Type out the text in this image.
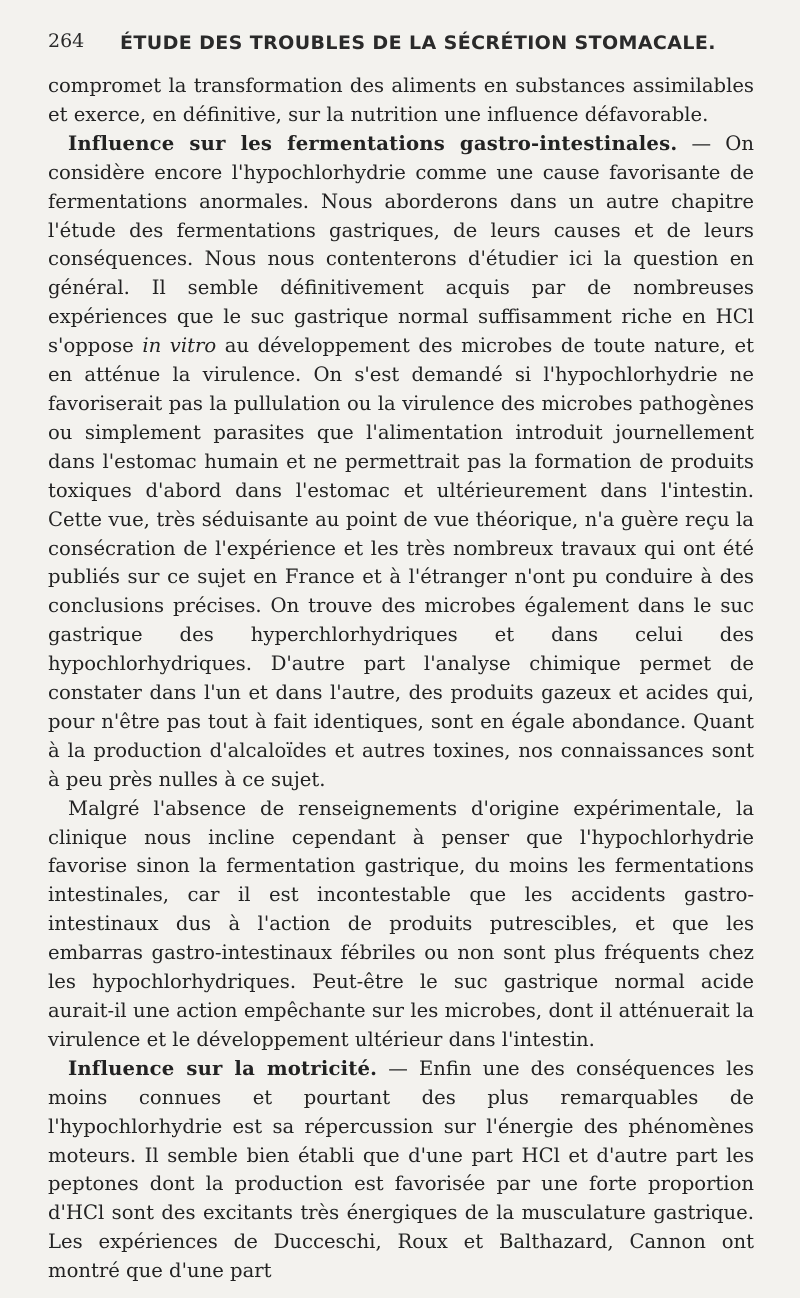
264 ÉTUDE DES TROUBLES DE LA SÉCRÉTION STOMACALE.

compromet la transformation des aliments en substances assimilables et exerce, en définitive, sur la nutrition une influence défavorable.

Influence sur les fermentations gastro-intestinales. — On considère encore l'hypochlorhydrie comme une cause favorisante de fermentations anormales. Nous aborderons dans un autre chapitre l'étude des fermentations gastriques, de leurs causes et de leurs conséquences. Nous nous contenterons d'étudier ici la question en général. Il semble définitivement acquis par de nombreuses expériences que le suc gastrique normal suffisamment riche en HCl s'oppose in vitro au développement des microbes de toute nature, et en atténue la virulence. On s'est demandé si l'hypochlorhydrie ne favoriserait pas la pullulation ou la virulence des microbes pathogènes ou simplement parasites que l'alimentation introduit journellement dans l'estomac humain et ne permettrait pas la formation de produits toxiques d'abord dans l'estomac et ultérieurement dans l'intestin. Cette vue, très séduisante au point de vue théorique, n'a guère reçu la consécration de l'expérience et les très nombreux travaux qui ont été publiés sur ce sujet en France et à l'étranger n'ont pu conduire à des conclusions précises. On trouve des microbes également dans le suc gastrique des hyperchlorhydriques et dans celui des hypochlorhydriques. D'autre part l'analyse chimique permet de constater dans l'un et dans l'autre, des produits gazeux et acides qui, pour n'être pas tout à fait identiques, sont en égale abondance. Quant à la production d'alcaloïdes et autres toxines, nos connaissances sont à peu près nulles à ce sujet.

Malgré l'absence de renseignements d'origine expérimentale, la clinique nous incline cependant à penser que l'hypochlorhydrie favorise sinon la fermentation gastrique, du moins les fermentations intestinales, car il est incontestable que les accidents gastro-intestinaux dus à l'action de produits putrescibles, et que les embarras gastro-intestinaux fébriles ou non sont plus fréquents chez les hypochlorhydriques. Peut-être le suc gastrique normal acide aurait-il une action empêchante sur les microbes, dont il atténuerait la virulence et le développement ultérieur dans l'intestin.

Influence sur la motricité. — Enfin une des conséquences les moins connues et pourtant des plus remarquables de l'hypochlorhydrie est sa répercussion sur l'énergie des phénomènes moteurs. Il semble bien établi que d'une part HCl et d'autre part les peptones dont la production est favorisée par une forte proportion d'HCl sont des excitants très énergiques de la musculature gastrique. Les expériences de Ducceschi, Roux et Balthazard, Cannon ont montré que d'une part
